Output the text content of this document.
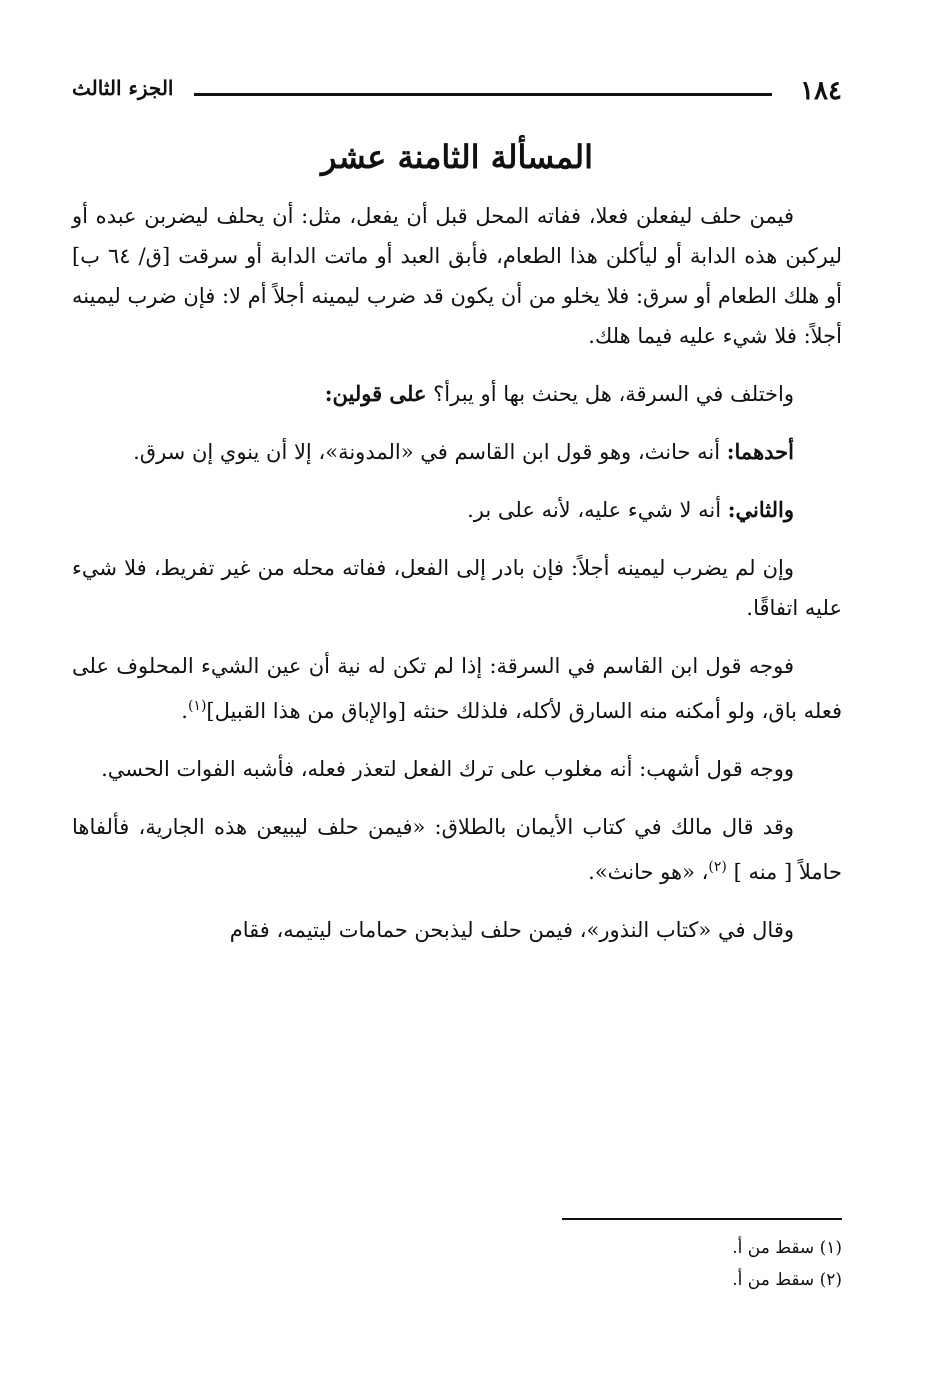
١٨٤
الجزء الثالث
المسألة الثامنة عشر

فيمن حلف ليفعلن فعلا، ففاته المحل قبل أن يفعل، مثل: أن يحلف ليضربن عبده أو ليركبن هذه الدابة أو ليأكلن هذا الطعام، فأبق العبد أو ماتت الدابة أو سرقت [ق/ ٦٤ ب] أو هلك الطعام أو سرق: فلا يخلو من أن يكون قد ضرب ليمينه أجلاً أم لا: فإن ضرب ليمينه أجلاً: فلا شيء عليه فيما هلك.

واختلف في السرقة، هل يحنث بها أو يبرأ؟ على قولين:

أحدهما: أنه حانث، وهو قول ابن القاسم في «المدونة»، إلا أن ينوي إن سرق.

والثاني: أنه لا شيء عليه، لأنه على بر.

وإن لم يضرب ليمينه أجلاً: فإن بادر إلى الفعل، ففاته محله من غير تفريط، فلا شيء عليه اتفاقًا.

فوجه قول ابن القاسم في السرقة: إذا لم تكن له نية أن عين الشيء المحلوف على فعله باق، ولو أمكنه منه السارق لأكله، فلذلك حنثه [والإباق من هذا القبيل]$^{(١)}$.

ووجه قول أشهب: أنه مغلوب على ترك الفعل لتعذر فعله، فأشبه الفوات الحسي.

وقد قال مالك في كتاب الأيمان بالطلاق: «فيمن حلف ليبيعن هذه الجارية، فألفاها حاملاً [ منه ] $^{(٢)}$، «هو حانث».

وقال في «كتاب النذور»، فيمن حلف ليذبحن حمامات ليتيمه، فقام

(١) سقط من أ.

(٢) سقط من أ.
